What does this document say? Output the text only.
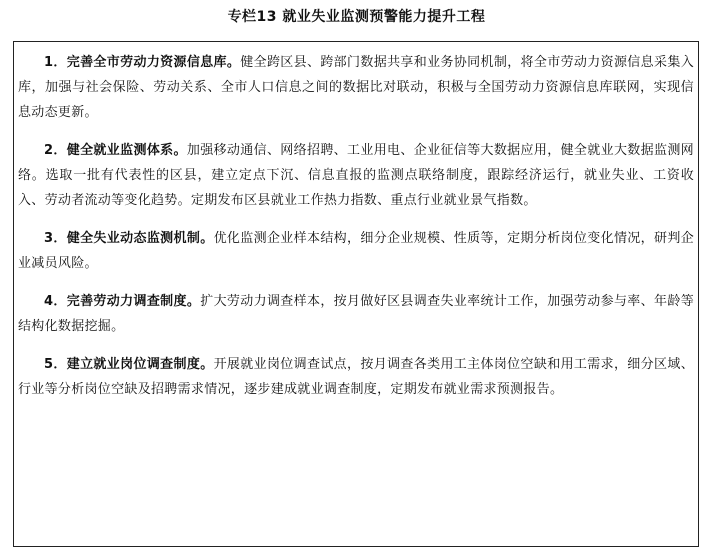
专栏13 就业失业监测预警能力提升工程

1．完善全市劳动力资源信息库。健全跨区县、跨部门数据共享和业务协同机制，将全市劳动力资源信息采集入库，加强与社会保险、劳动关系、全市人口信息之间的数据比对联动，积极与全国劳动力资源信息库联网，实现信息动态更新。

2．健全就业监测体系。加强移动通信、网络招聘、工业用电、企业征信等大数据应用，健全就业大数据监测网络。选取一批有代表性的区县，建立定点下沉、信息直报的监测点联络制度，跟踪经济运行，就业失业、工资收入、劳动者流动等变化趋势。定期发布区县就业工作热力指数、重点行业就业景气指数。

3．健全失业动态监测机制。优化监测企业样本结构，细分企业规模、性质等，定期分析岗位变化情况，研判企业减员风险。

4．完善劳动力调查制度。扩大劳动力调查样本，按月做好区县调查失业率统计工作，加强劳动参与率、年龄等结构化数据挖掘。

5．建立就业岗位调查制度。开展就业岗位调查试点，按月调查各类用工主体岗位空缺和用工需求，细分区域、行业等分析岗位空缺及招聘需求情况，逐步建成就业调查制度，定期发布就业需求预测报告。
